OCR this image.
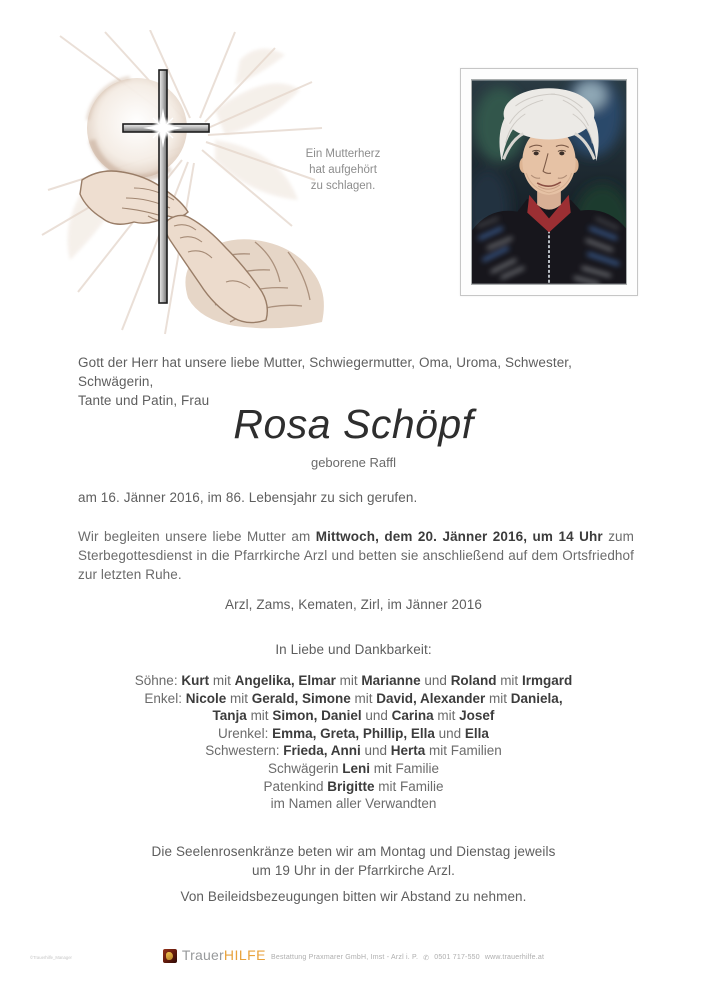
Ein Mutterherz
hat aufgehört
zu schlagen.
Gott der Herr hat unsere liebe Mutter, Schwiegermutter, Oma, Uroma, Schwester, Schwägerin,
Tante und Patin, Frau
Rosa Schöpf
geborene Raffl
am 16. Jänner 2016, im 86. Lebensjahr zu sich gerufen.

Wir begleiten unsere liebe Mutter am Mittwoch, dem 20. Jänner 2016, um 14 Uhr zum Sterbegottesdienst in die Pfarrkirche Arzl und betten sie anschließend auf dem Ortsfriedhof zur letzten Ruhe.

Arzl, Zams, Kematen, Zirl, im Jänner 2016
In Liebe und Dankbarkeit:

Söhne: Kurt mit Angelika, Elmar mit Marianne und Roland mit Irmgard

Enkel: Nicole mit Gerald, Simone mit David, Alexander mit Daniela,

Tanja mit Simon, Daniel und Carina mit Josef

Urenkel: Emma, Greta, Phillip, Ella und Ella

Schwestern: Frieda, Anni und Herta mit Familien

Schwägerin Leni mit Familie

Patenkind Brigitte mit Familie

im Namen aller Verwandten

Die Seelenrosenkränze beten wir am Montag und Dienstag jeweils
um 19 Uhr in der Pfarrkirche Arzl.
Von Beileidsbezeugungen bitten wir Abstand zu nehmen.
TrauerHILFE Bestattung Praxmarer GmbH, Imst - Arzl i. P. ✆ 0501 717-550 www.trauerhilfe.at
©Trauerhilfe_Manager
